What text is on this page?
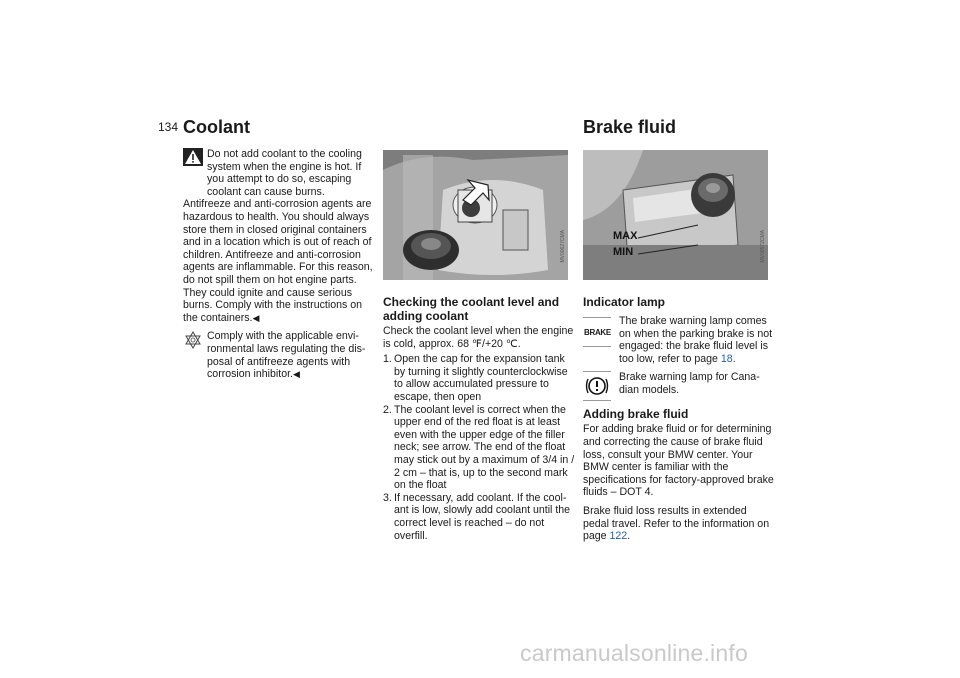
134 Coolant	Brake fluid

Do not add coolant to the cooling system when the engine is hot. If you attempt to do so, escaping coolant can cause burns.

Antifreeze and anti-corrosion agents are hazardous to health. You should always store them in closed original containers and in a location which is out of reach of children. Antifreeze and anti-corrosion agents are inflammable. For this reason, do not spill them on hot engine parts. They could ignite and cause serious burns. Comply with the instructions on the containers.◀

Comply with the applicable environmental laws regulating the disposal of antifreeze agents with corrosion inhibitor.◀

MV00627CMA
Checking the coolant level and adding coolant

Check the coolant level when the engine is cold, approx. 68 ℉/+20 ℃.

1. Open the cap for the expansion tank by turning it slightly counterclockwise to allow accumulated pressure to escape, then open
2. The coolant level is correct when the upper end of the red float is at least even with the upper edge of the filler neck; see arrow. The end of the float may stick out by a maximum of 3/4 in / 2 cm – that is, up to the second mark on the float
3. If necessary, add coolant. If the coolant is low, slowly add coolant until the correct level is reached – do not overfill.
MAX
MIN	MV00572CMA
Indicator lamp
BRAKE

The brake warning lamp comes on when the parking brake is not engaged: the brake fluid level is too low, refer to page 18.

Brake warning lamp for Canadian models.

Adding brake fluid

For adding brake fluid or for determining and correcting the cause of brake fluid loss, consult your BMW center. Your BMW center is familiar with the specifications for factory-approved brake fluids – DOT 4.

Brake fluid loss results in extended pedal travel. Refer to the information on page 122.

carmanualsonline.info
